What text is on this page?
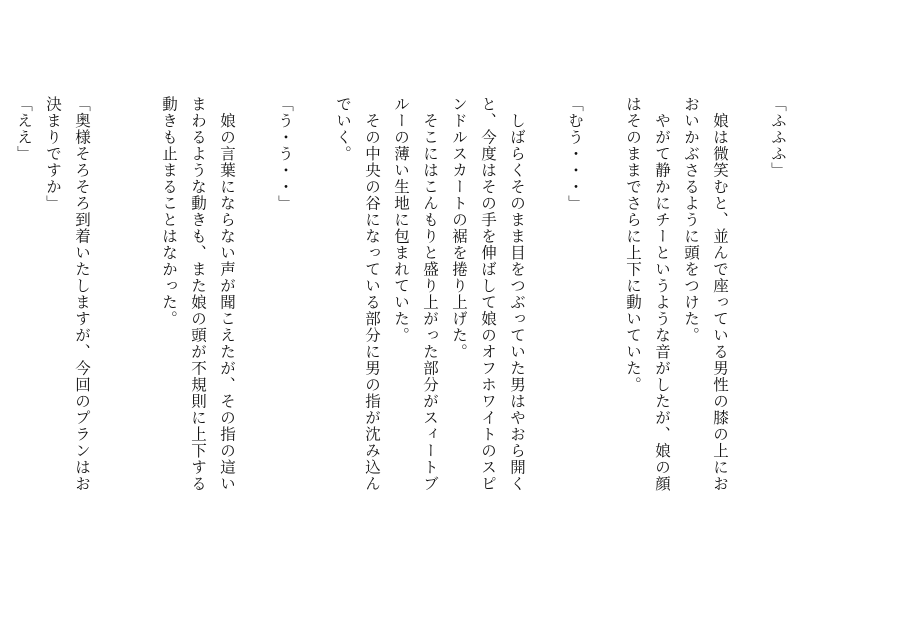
「ふふふ」

　娘は微笑むと、並んで座っている男性の膝の上にお
おいかぶさるように頭をつけた。
　やがて静かにチーというような音がしたが、娘の顔
はそのままでさらに上下に動いていた。

「むう・・・」

　しばらくそのまま目をつぶっていた男はやおら開く
と、今度はその手を伸ばして娘のオフホワイトのスピ
ンドルスカートの裾を捲り上げた。
　そこにはこんもりと盛り上がった部分がスィートブ
ルーの薄い生地に包まれていた。
　その中央の谷になっている部分に男の指が沈み込ん
でいく。

「う・う・・」

　娘の言葉にならない声が聞こえたが、その指の這い
まわるような動きも、また娘の頭が不規則に上下する
動きも止まることはなかった。

「奥様そろそろ到着いたしますが、今回のプランはお
決まりですか」
「ええ」
